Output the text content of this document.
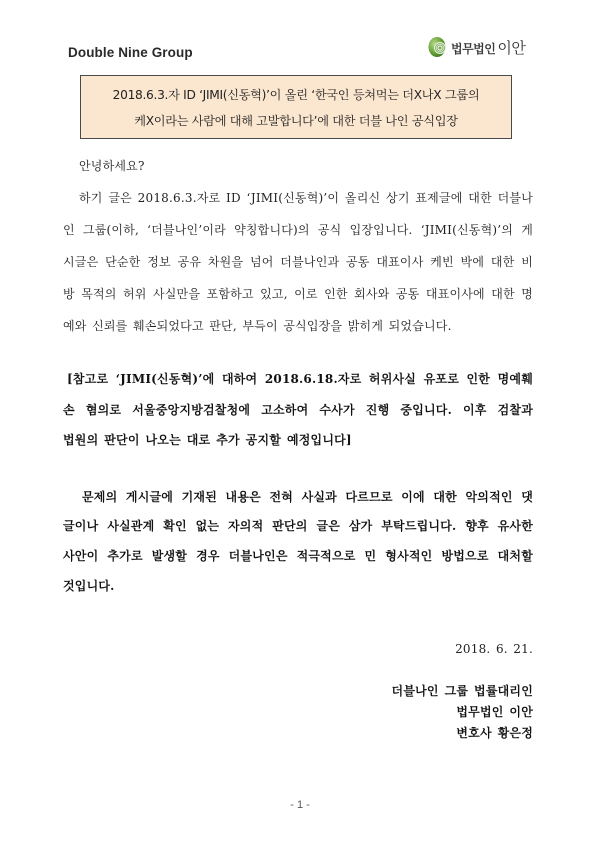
Double Nine Group	법무법인 이안
2018.6.3.자 ID ‘JIMI(신동혁)’이 올린 ‘한국인 등쳐먹는 더X나X 그룹의
케X이라는 사람에 대해 고발합니다’에 대한 더블 나인 공식입장
안녕하세요?
하기 글은 2018.6.3.자로 ID ‘JIMI(신동혁)’이 올리신 상기 표제글에 대한 더블나
인 그룹(이하, ‘더블나인’이라 약칭합니다)의 공식 입장입니다. ‘JIMI(신동혁)’의 게
시글은 단순한 정보 공유 차원을 넘어 더블나인과 공동 대표이사 케빈 박에 대한 비
방 목적의 허위 사실만을 포함하고 있고, 이로 인한 회사와 공동 대표이사에 대한 명
예와 신뢰를 훼손되었다고 판단, 부득이 공식입장을 밝히게 되었습니다.
[참고로 ‘JIMI(신동혁)’에 대하여 2018.6.18.자로 허위사실 유포로 인한 명예훼
손 혐의로 서울중앙지방검찰청에 고소하여 수사가 진행 중입니다. 이후 검찰과
법원의 판단이 나오는 대로 추가 공지할 예정입니다]
문제의 게시글에 기재된 내용은 전혀 사실과 다르므로 이에 대한 악의적인 댓
글이나 사실관계 확인 없는 자의적 판단의 글은 삼가 부탁드립니다. 향후 유사한
사안이 추가로 발생할 경우 더블나인은 적극적으로 민 형사적인 방법으로 대처할
것입니다.
2018. 6. 21.
더블나인 그룹 법률대리인
법무법인 이안
변호사 황은정
- 1 -
